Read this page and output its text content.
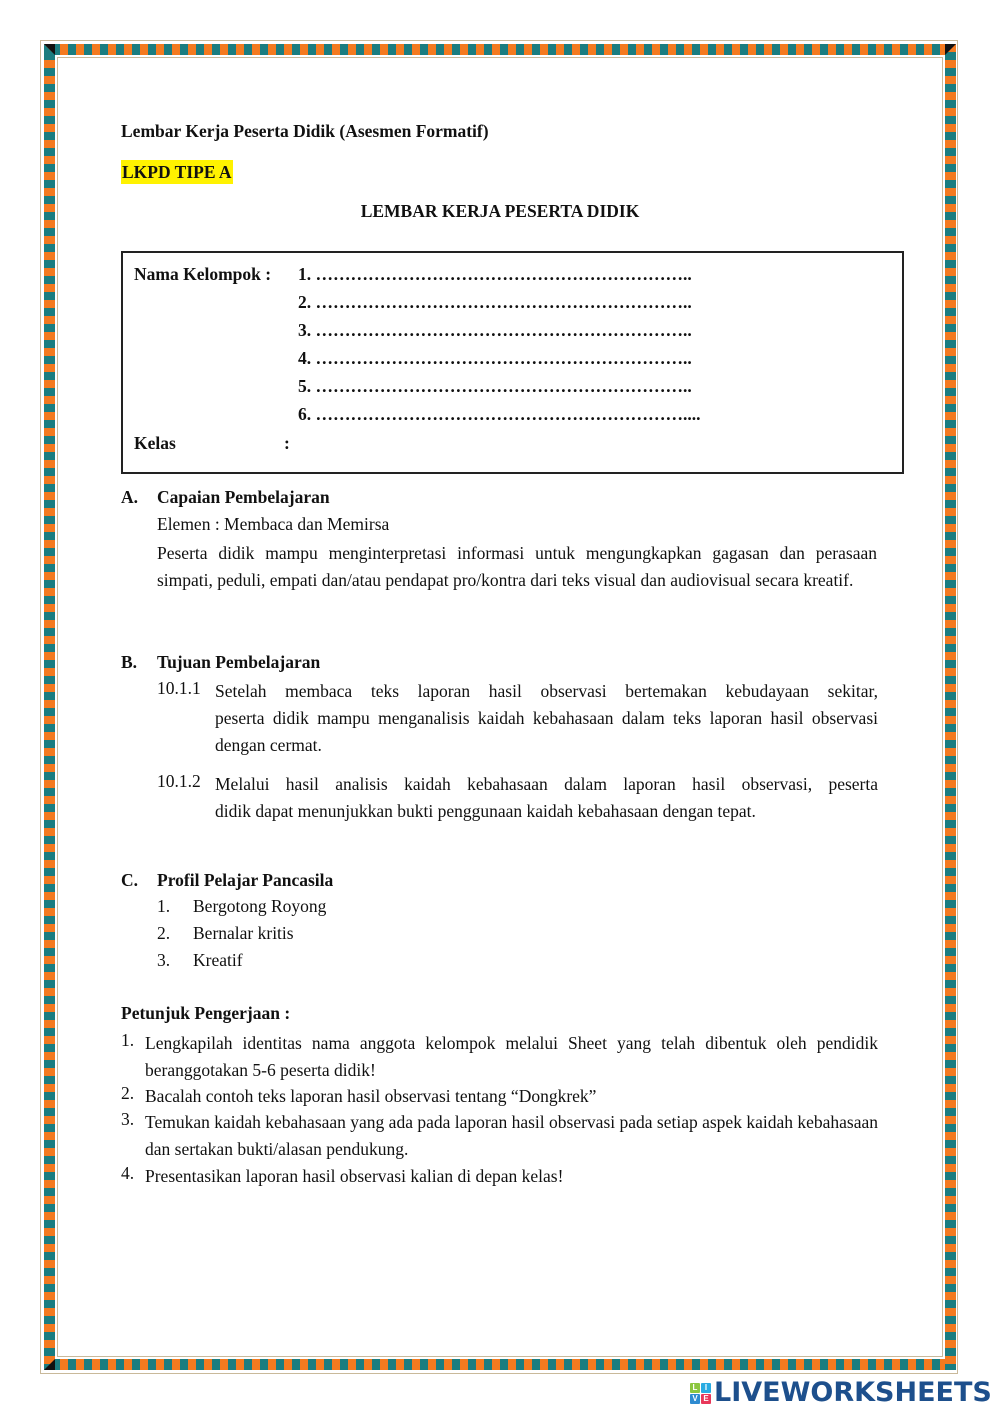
Lembar Kerja Peserta Didik (Asesmen Formatif)
LKPD TIPE A
LEMBAR KERJA PESERTA DIDIK
Nama Kelompok : 1. ………………………………………………………..
2. ………………………………………………………..
3. ………………………………………………………..
4. ………………………………………………………..
5. ………………………………………………………..
6. ………………………………………………………....
Kelas	:
A. Capaian Pembelajaran
Elemen : Membaca dan Memirsa
Peserta didik mampu menginterpretasi informasi untuk mengungkapkan gagasan dan perasaan simpati, peduli, empati dan/atau pendapat pro/kontra dari teks visual dan audiovisual secara kreatif.
B. Tujuan Pembelajaran
10.1.1 Setelah membaca teks laporan hasil observasi bertemakan kebudayaan sekitar,
peserta didik mampu menganalisis kaidah kebahasaan dalam teks laporan hasil observasi dengan cermat.
10.1.2 Melalui hasil analisis kaidah kebahasaan dalam laporan hasil observasi, peserta
didik dapat menunjukkan bukti penggunaan kaidah kebahasaan dengan tepat.
C. Profil Pelajar Pancasila
1. Bergotong Royong
2. Bernalar kritis
3. Kreatif
Petunjuk Pengerjaan :
1. Lengkapilah identitas nama anggota kelompok melalui Sheet yang telah dibentuk oleh pendidik beranggotakan 5-6 peserta didik!
2. Bacalah contoh teks laporan hasil observasi tentang “Dongkrek”
3. Temukan kaidah kebahasaan yang ada pada laporan hasil observasi pada setiap aspek kaidah kebahasaan dan sertakan bukti/alasan pendukung.
4. Presentasikan laporan hasil observasi kalian di depan kelas!
L I
V E LIVEWORKSHEETS
